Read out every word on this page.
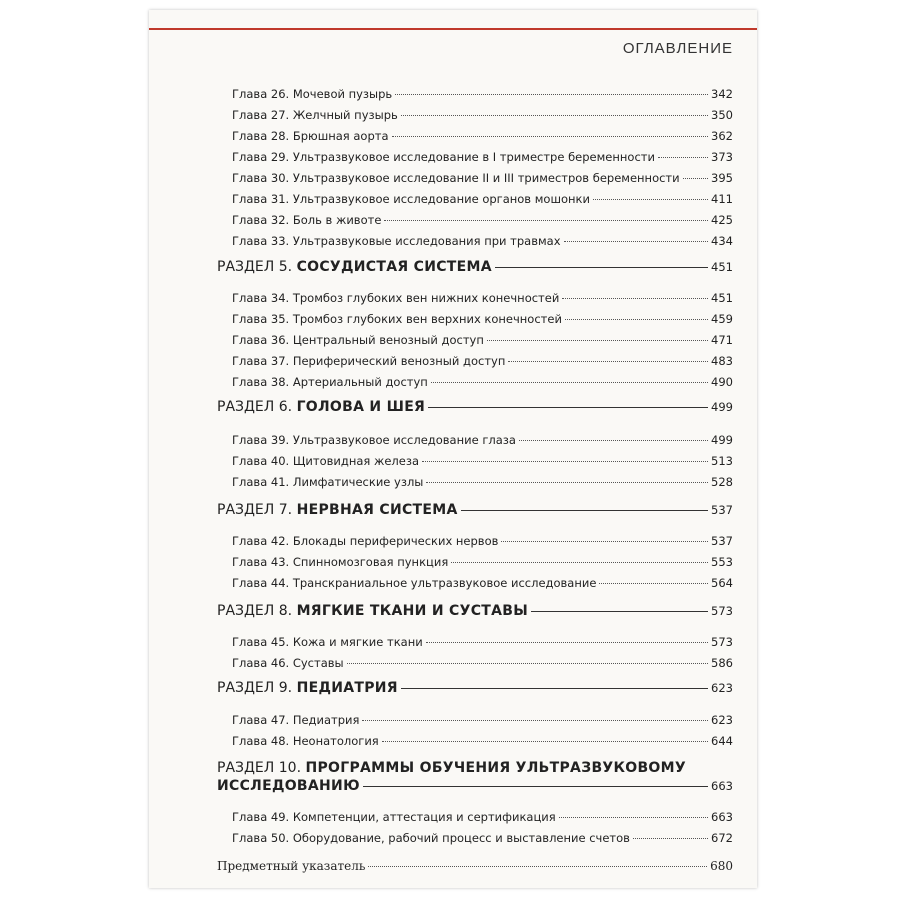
ОГЛАВЛЕНИЕ
Глава 26. Мочевой пузырь	342
Глава 27. Желчный пузырь	350
Глава 28. Брюшная аорта	362
Глава 29. Ультразвуковое исследование в I триместре беременности	373
Глава 30. Ультразвуковое исследование II и III триместров беременности	395
Глава 31. Ультразвуковое исследование органов мошонки	411
Глава 32. Боль в животе	425
Глава 33. Ультразвуковые исследования при травмах	434
РАЗДЕЛ 5. СОСУДИСТАЯ СИСТЕМА	451
Глава 34. Тромбоз глубоких вен нижних конечностей	451
Глава 35. Тромбоз глубоких вен верхних конечностей	459
Глава 36. Центральный венозный доступ	471
Глава 37. Периферический венозный доступ	483
Глава 38. Артериальный доступ	490
РАЗДЕЛ 6. ГОЛОВА И ШЕЯ	499
Глава 39. Ультразвуковое исследование глаза	499
Глава 40. Щитовидная железа	513
Глава 41. Лимфатические узлы	528
РАЗДЕЛ 7. НЕРВНАЯ СИСТЕМА	537
Глава 42. Блокады периферических нервов	537
Глава 43. Спинномозговая пункция	553
Глава 44. Транскраниальное ультразвуковое исследование	564
РАЗДЕЛ 8. МЯГКИЕ ТКАНИ И СУСТАВЫ	573
Глава 45. Кожа и мягкие ткани	573
Глава 46. Суставы	586
РАЗДЕЛ 9. ПЕДИАТРИЯ	623
Глава 47. Педиатрия	623
Глава 48. Неонатология	644
РАЗДЕЛ 10. ПРОГРАММЫ ОБУЧЕНИЯ УЛЬТРАЗВУКОВОМУ
ИССЛЕДОВАНИЮ	663
Глава 49. Компетенции, аттестация и сертификация	663
Глава 50. Оборудование, рабочий процесс и выставление счетов	672
Предметный указатель	680
